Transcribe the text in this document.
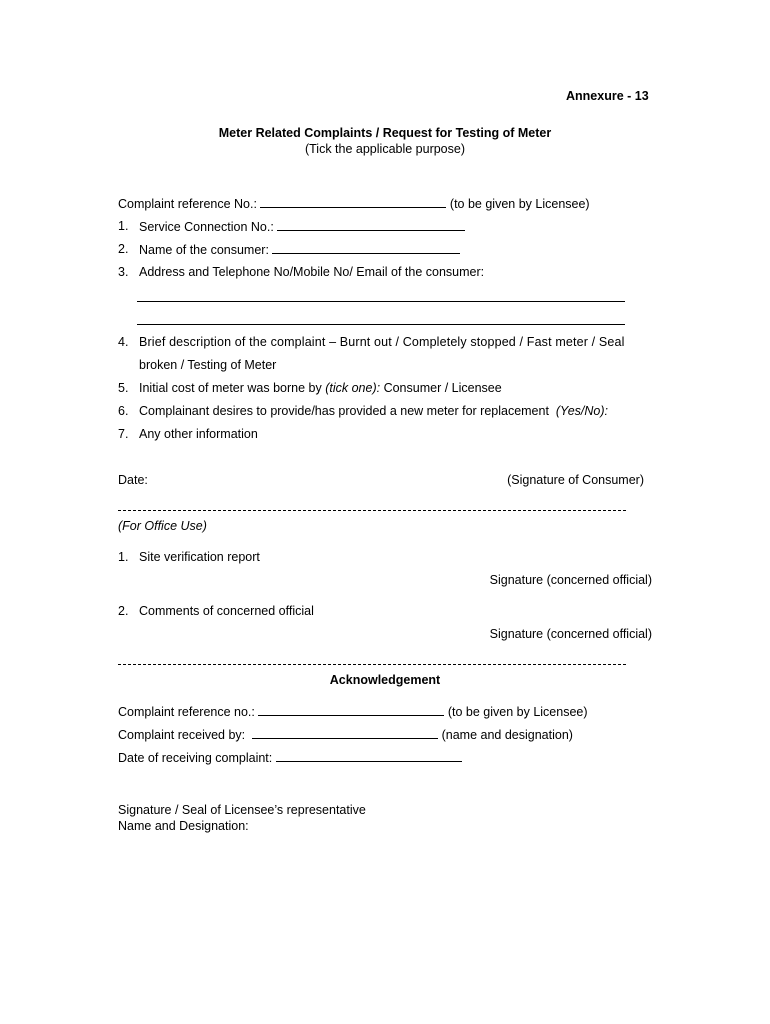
Annexure - 13
Meter Related Complaints / Request for Testing of Meter
(Tick the applicable purpose)
Complaint reference No.:	(to be given by Licensee)
1. Service Connection No.:
2. Name of the consumer:
3. Address and Telephone No/Mobile No/ Email of the consumer:
4. Brief description of the complaint – Burnt out / Completely stopped / Fast meter / Seal
broken / Testing of Meter
5. Initial cost of meter was borne by (tick one): Consumer / Licensee
6. Complainant desires to provide/has provided a new meter for replacement (Yes/No):
7. Any other information
Date:	(Signature of Consumer)
(For Office Use)
1. Site verification report
Signature (concerned official)
2. Comments of concerned official
Signature (concerned official)
Acknowledgement
Complaint reference no.:	(to be given by Licensee)
Complaint received by:	(name and designation)
Date of receiving complaint:
Signature / Seal of Licensee’s representative
Name and Designation:
